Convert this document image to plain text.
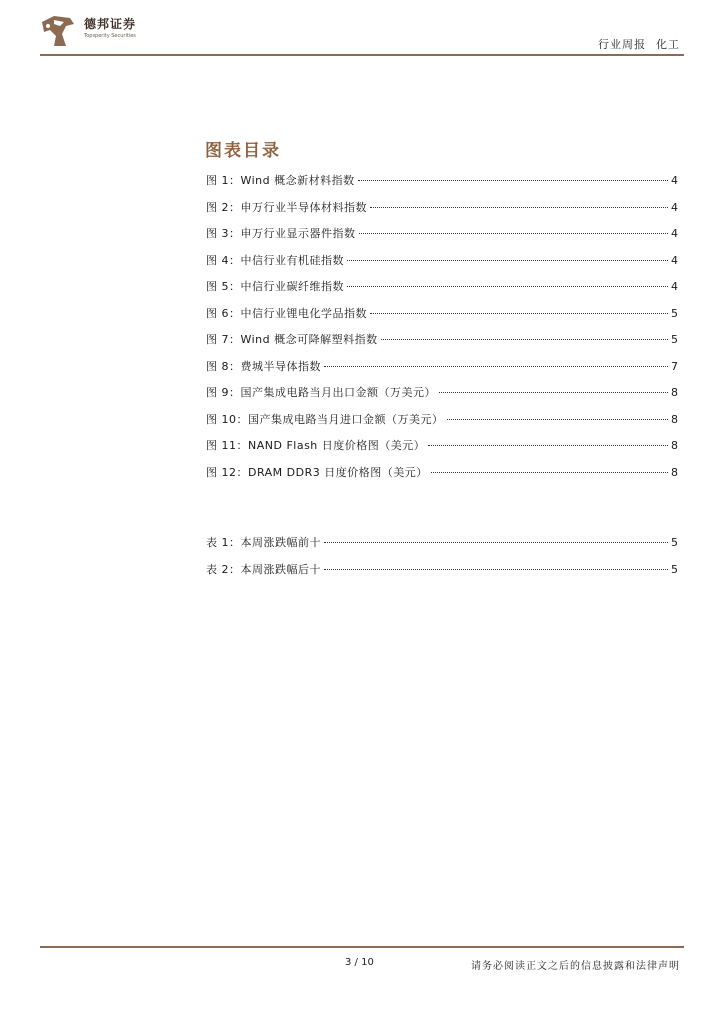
德邦证券
Topsperity Securities
行业周报 化工
图表目录
图 1：Wind 概念新材料指数	4
图 2：申万行业半导体材料指数	4
图 3：申万行业显示器件指数	4
图 4：中信行业有机硅指数	4
图 5：中信行业碳纤维指数	4
图 6：中信行业锂电化学品指数	5
图 7：Wind 概念可降解塑料指数	5
图 8：费城半导体指数	7
图 9：国产集成电路当月出口金额（万美元）	8
图 10：国产集成电路当月进口金额（万美元）	8
图 11：NAND Flash 日度价格图（美元）	8
图 12：DRAM DDR3 日度价格图（美元）	8
表 1：本周涨跌幅前十	5
表 2：本周涨跌幅后十	5
3 / 10	请务必阅读正文之后的信息披露和法律声明
